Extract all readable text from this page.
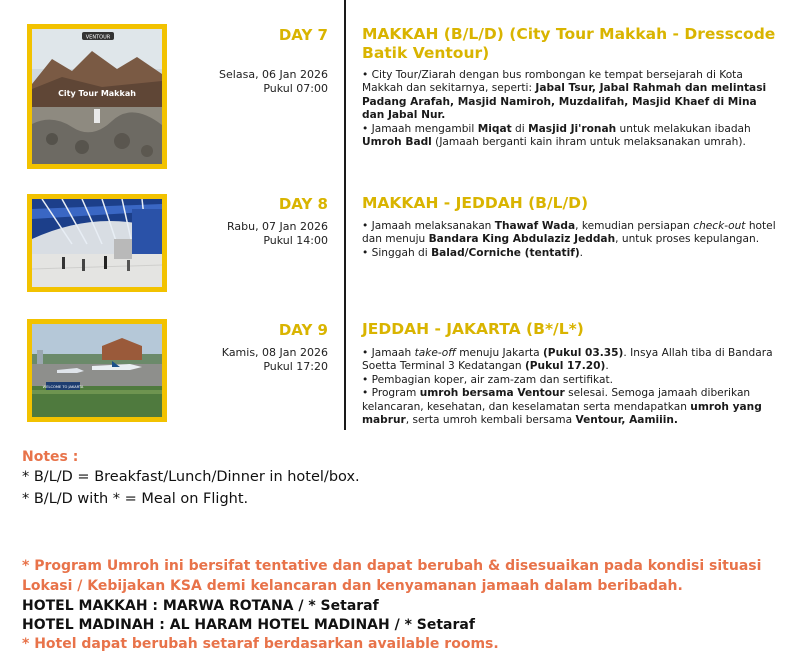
VENTOUR
City Tour Makkah
DAY 7
Selasa, 06 Jan 2026
Pukul 07:00
MAKKAH (B/L/D) (City Tour Makkah - Dresscode Batik Ventour)
• City Tour/Ziarah dengan bus rombongan ke tempat bersejarah di Kota Makkah dan sekitarnya, seperti: Jabal Tsur, Jabal Rahmah dan melintasi Padang Arafah, Masjid Namiroh, Muzdalifah, Masjid Khaef di Mina dan Jabal Nur.
• Jamaah mengambil Miqat di Masjid Ji'ronah untuk melakukan ibadah Umroh Badl (Jamaah berganti kain ihram untuk melaksanakan umrah).
DAY 8
Rabu, 07 Jan 2026
Pukul 14:00
MAKKAH - JEDDAH (B/L/D)
• Jamaah melaksanakan Thawaf Wada, kemudian persiapan check-out hotel dan menuju Bandara King Abdulaziz Jeddah, untuk proses kepulangan.
• Singgah di Balad/Corniche (tentatif).
WELCOME TO JAKARTA
DAY 9
Kamis, 08 Jan 2026
Pukul 17:20
JEDDAH - JAKARTA (B*/L*)
• Jamaah take-off menuju Jakarta (Pukul 03.35). Insya Allah tiba di Bandara Soetta Terminal 3 Kedatangan (Pukul 17.20).
• Pembagian koper, air zam-zam dan sertifikat.
• Program umroh bersama Ventour selesai. Semoga jamaah diberikan kelancaran, kesehatan, dan keselamatan serta mendapatkan umroh yang mabrur, serta umroh kembali bersama Ventour, Aamiiin.
Notes :
* B/L/D = Breakfast/Lunch/Dinner in hotel/box.
* B/L/D with * = Meal on Flight.
* Program Umroh ini bersifat tentative dan dapat berubah & disesuaikan pada kondisi situasi Lokasi / Kebijakan KSA demi kelancaran dan kenyamanan jamaah dalam beribadah.
HOTEL MAKKAH : MARWA ROTANA / * Setaraf
HOTEL MADINAH : AL HARAM HOTEL MADINAH / * Setaraf
* Hotel dapat berubah setaraf berdasarkan available rooms.
